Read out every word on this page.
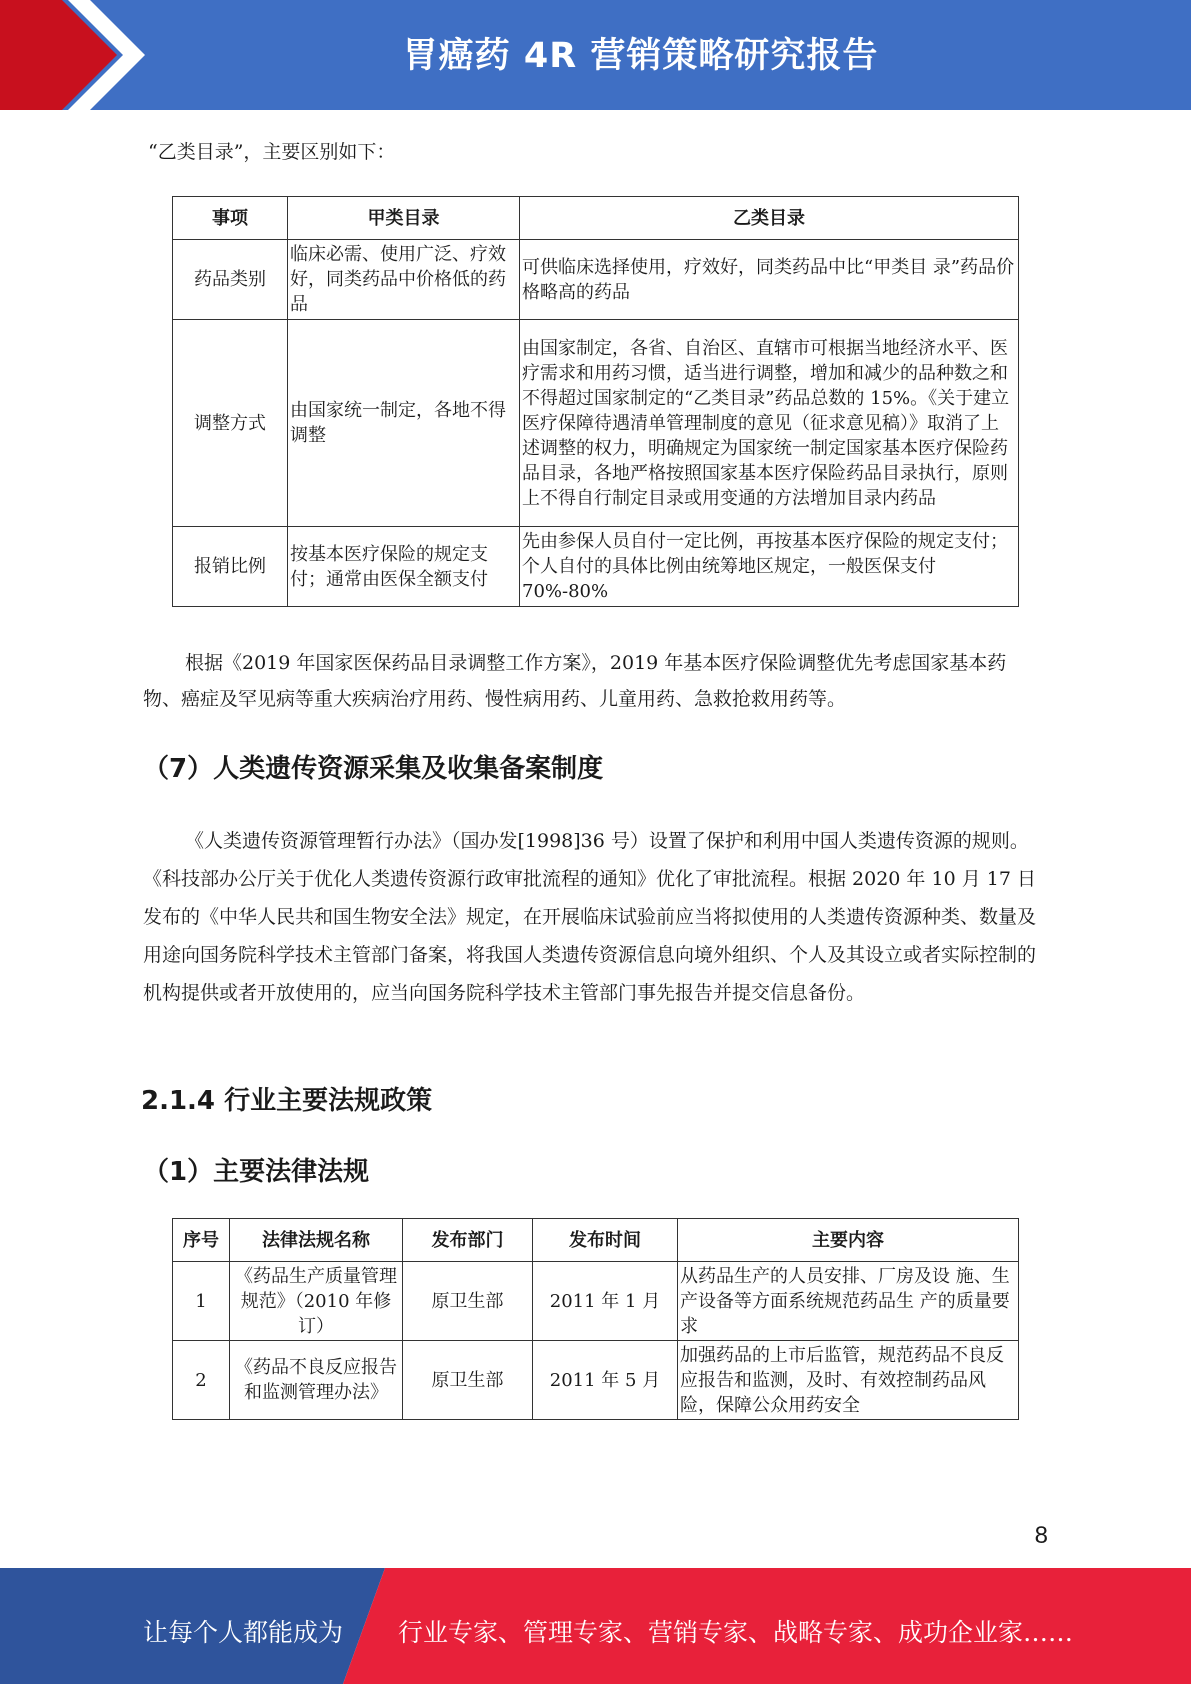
胃癌药 4R 营销策略研究报告
“乙类目录”，主要区别如下：
事项	甲类目录	乙类目录
药品类别	临床必需、使用广泛、疗效好，同类药品中价格低的药品	可供临床选择使用，疗效好，同类药品中比“甲类目 录”药品价格略高的药品
调整方式	由国家统一制定，各地不得调整	由国家制定，各省、自治区、直辖市可根据当地经济水平、医疗需求和用药习惯，适当进行调整，增加和减少的品种数之和不得超过国家制定的“乙类目录”药品总数的 15%。《关于建立医疗保障待遇清单管理制度的意见（征求意见稿）》取消了上述调整的权力，明确规定为国家统一制定国家基本医疗保险药品目录，各地严格按照国家基本医疗保险药品目录执行，原则上不得自行制定目录或用变通的方法增加目录内药品
报销比例	按基本医疗保险的规定支付；通常由医保全额支付	先由参保人员自付一定比例，再按基本医疗保险的规定支付；个人自付的具体比例由统筹地区规定，一般医保支付 70%-80%
根据《2019 年国家医保药品目录调整工作方案》，2019 年基本医疗保险调整优先考虑国家基本药物、癌症及罕见病等重大疾病治疗用药、慢性病用药、儿童用药、急救抢救用药等。
（7）人类遗传资源采集及收集备案制度
《人类遗传资源管理暂行办法》（国办发[1998]36 号）设置了保护和利用中国人类遗传资源的规则。《科技部办公厅关于优化人类遗传资源行政审批流程的通知》优化了审批流程。根据 2020 年 10 月 17 日发布的《中华人民共和国生物安全法》规定，在开展临床试验前应当将拟使用的人类遗传资源种类、数量及用途向国务院科学技术主管部门备案，将我国人类遗传资源信息向境外组织、个人及其设立或者实际控制的机构提供或者开放使用的，应当向国务院科学技术主管部门事先报告并提交信息备份。
2.1.4 行业主要法规政策
（1）主要法律法规
序号	法律法规名称	发布部门	发布时间	主要内容
1	《药品生产质量管理规范》（2010 年修订）	原卫生部	2011 年 1 月	从药品生产的人员安排、厂房及设 施、生产设备等方面系统规范药品生 产的质量要求
2	《药品不良反应报告和监测管理办法》	原卫生部	2011 年 5 月	加强药品的上市后监管，规范药品不良反应报告和监测，及时、有效控制药品风险，保障公众用药安全
8
让每个人都能成为 行业专家、管理专家、营销专家、战略专家、成功企业家……
